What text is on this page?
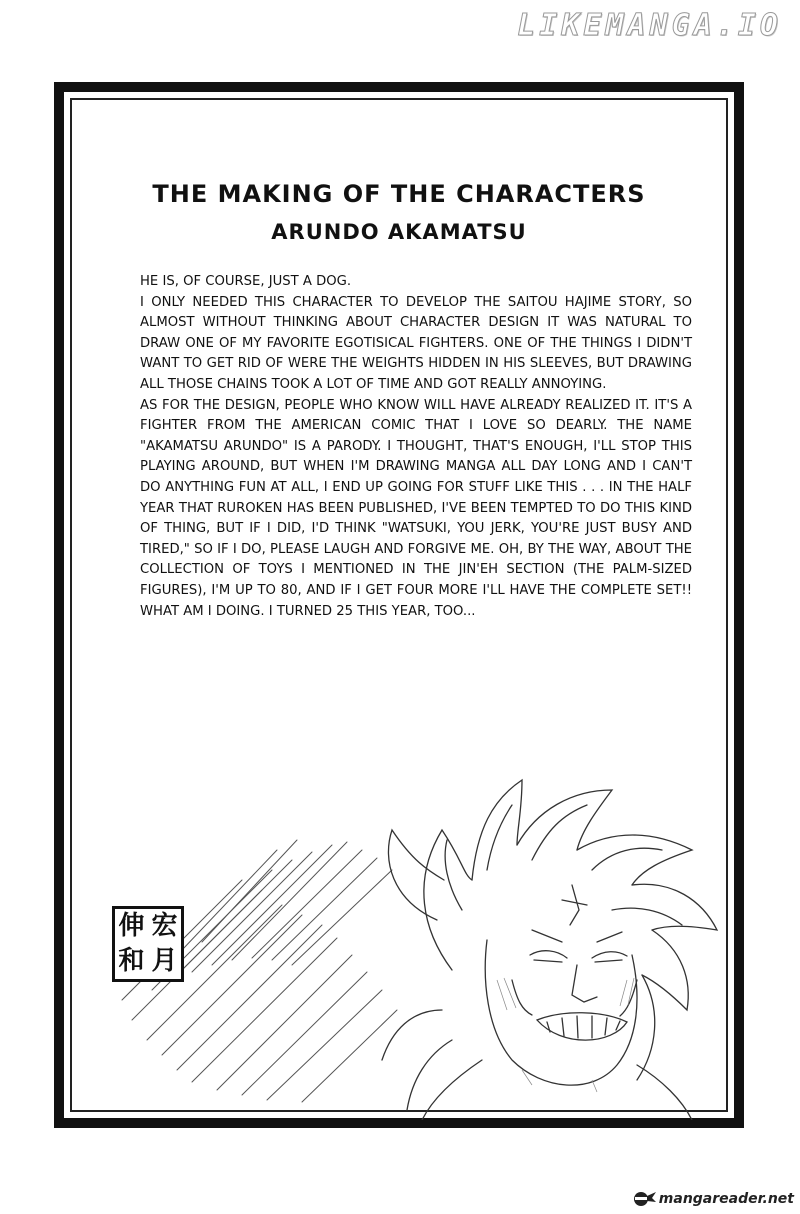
LIKEMANGA.IO
THE MAKING OF THE CHARACTERS
ARUNDO AKAMATSU

HE IS, OF COURSE, JUST A DOG.

I ONLY NEEDED THIS CHARACTER TO DEVELOP THE SAITOU HAJIME STORY, SO ALMOST WITHOUT THINKING ABOUT CHARACTER DESIGN IT WAS NATURAL TO DRAW ONE OF MY FAVORITE EGOTISICAL FIGHTERS. ONE OF THE THINGS I DIDN'T WANT TO GET RID OF WERE THE WEIGHTS HIDDEN IN HIS SLEEVES, BUT DRAWING ALL THOSE CHAINS TOOK A LOT OF TIME AND GOT REALLY ANNOYING.

AS FOR THE DESIGN, PEOPLE WHO KNOW WILL HAVE ALREADY REALIZED IT. IT'S A FIGHTER FROM THE AMERICAN COMIC THAT I LOVE SO DEARLY. THE NAME "AKAMATSU ARUNDO" IS A PARODY. I THOUGHT, THAT'S ENOUGH, I'LL STOP THIS PLAYING AROUND, BUT WHEN I'M DRAWING MANGA ALL DAY LONG AND I CAN'T DO ANYTHING FUN AT ALL, I END UP GOING FOR STUFF LIKE THIS . . . IN THE HALF YEAR THAT RUROKEN HAS BEEN PUBLISHED, I'VE BEEN TEMPTED TO DO THIS KIND OF THING, BUT IF I DID, I'D THINK "WATSUKI, YOU JERK, YOU'RE JUST BUSY AND TIRED," SO IF I DO, PLEASE LAUGH AND FORGIVE ME. OH, BY THE WAY, ABOUT THE COLLECTION OF TOYS I MENTIONED IN THE JIN'EH SECTION (THE PALM-SIZED FIGURES), I'M UP TO 80, AND IF I GET FOUR MORE I'LL HAVE THE COMPLETE SET!! WHAT AM I DOING. I TURNED 25 THIS YEAR, TOO...

伸 宏
和 月
mangareader.net
